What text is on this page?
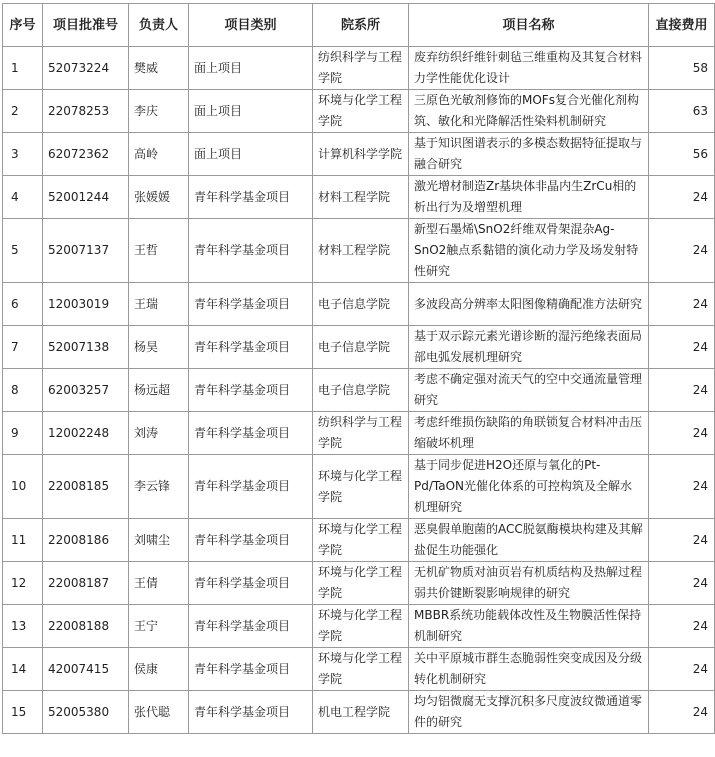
序号	项目批准号	负责人	项目类别	院系所	项目名称	直接费用
1	52073224	樊威	面上项目	纺织科学与工程学院	废弃纺织纤维针刺毡三维重构及其复合材料力学性能优化设计	58
2	22078253	李庆	面上项目	环境与化学工程学院	三原色光敏剂修饰的MOFs复合光催化剂构筑、敏化和光降解活性染料机制研究	63
3	62072362	高岭	面上项目	计算机科学学院	基于知识图谱表示的多模态数据特征提取与融合研究	56
4	52001244	张媛媛	青年科学基金项目	材料工程学院	激光增材制造Zr基块体非晶内生ZrCu相的析出行为及增塑机理	24
5	52007137	王哲	青年科学基金项目	材料工程学院	新型石墨烯\SnO2纤维双骨架混杂Ag-SnO2触点系黏错的演化动力学及场发射特性研究	24
6	12003019	王瑞	青年科学基金项目	电子信息学院	多波段高分辨率太阳图像精确配准方法研究	24
7	52007138	杨昊	青年科学基金项目	电子信息学院	基于双示踪元素光谱诊断的湿污绝缘表面局部电弧发展机理研究	24
8	62003257	杨远超	青年科学基金项目	电子信息学院	考虑不确定强对流天气的空中交通流量管理研究	24
9	12002248	刘涛	青年科学基金项目	纺织科学与工程学院	考虑纤维损伤缺陷的角联锁复合材料冲击压缩破坏机理	24
10	22008185	李云锋	青年科学基金项目	环境与化学工程学院	基于同步促进H2O还原与氧化的Pt-Pd/TaON光催化体系的可控构筑及全解水机理研究	24
11	22008186	刘啸尘	青年科学基金项目	环境与化学工程学院	恶臭假单胞菌的ACC脱氨酶模块构建及其解盐促生功能强化	24
12	22008187	王倩	青年科学基金项目	环境与化学工程学院	无机矿物质对油页岩有机质结构及热解过程弱共价键断裂影响规律的研究	24
13	22008188	王宁	青年科学基金项目	环境与化学工程学院	MBBR系统功能载体改性及生物膜活性保持机制研究	24
14	42007415	侯康	青年科学基金项目	环境与化学工程学院	关中平原城市群生态脆弱性突变成因及分级转化机制研究	24
15	52005380	张代聪	青年科学基金项目	机电工程学院	均匀铝微腐无支撑沉积多尺度波纹微通道零件的研究	24
